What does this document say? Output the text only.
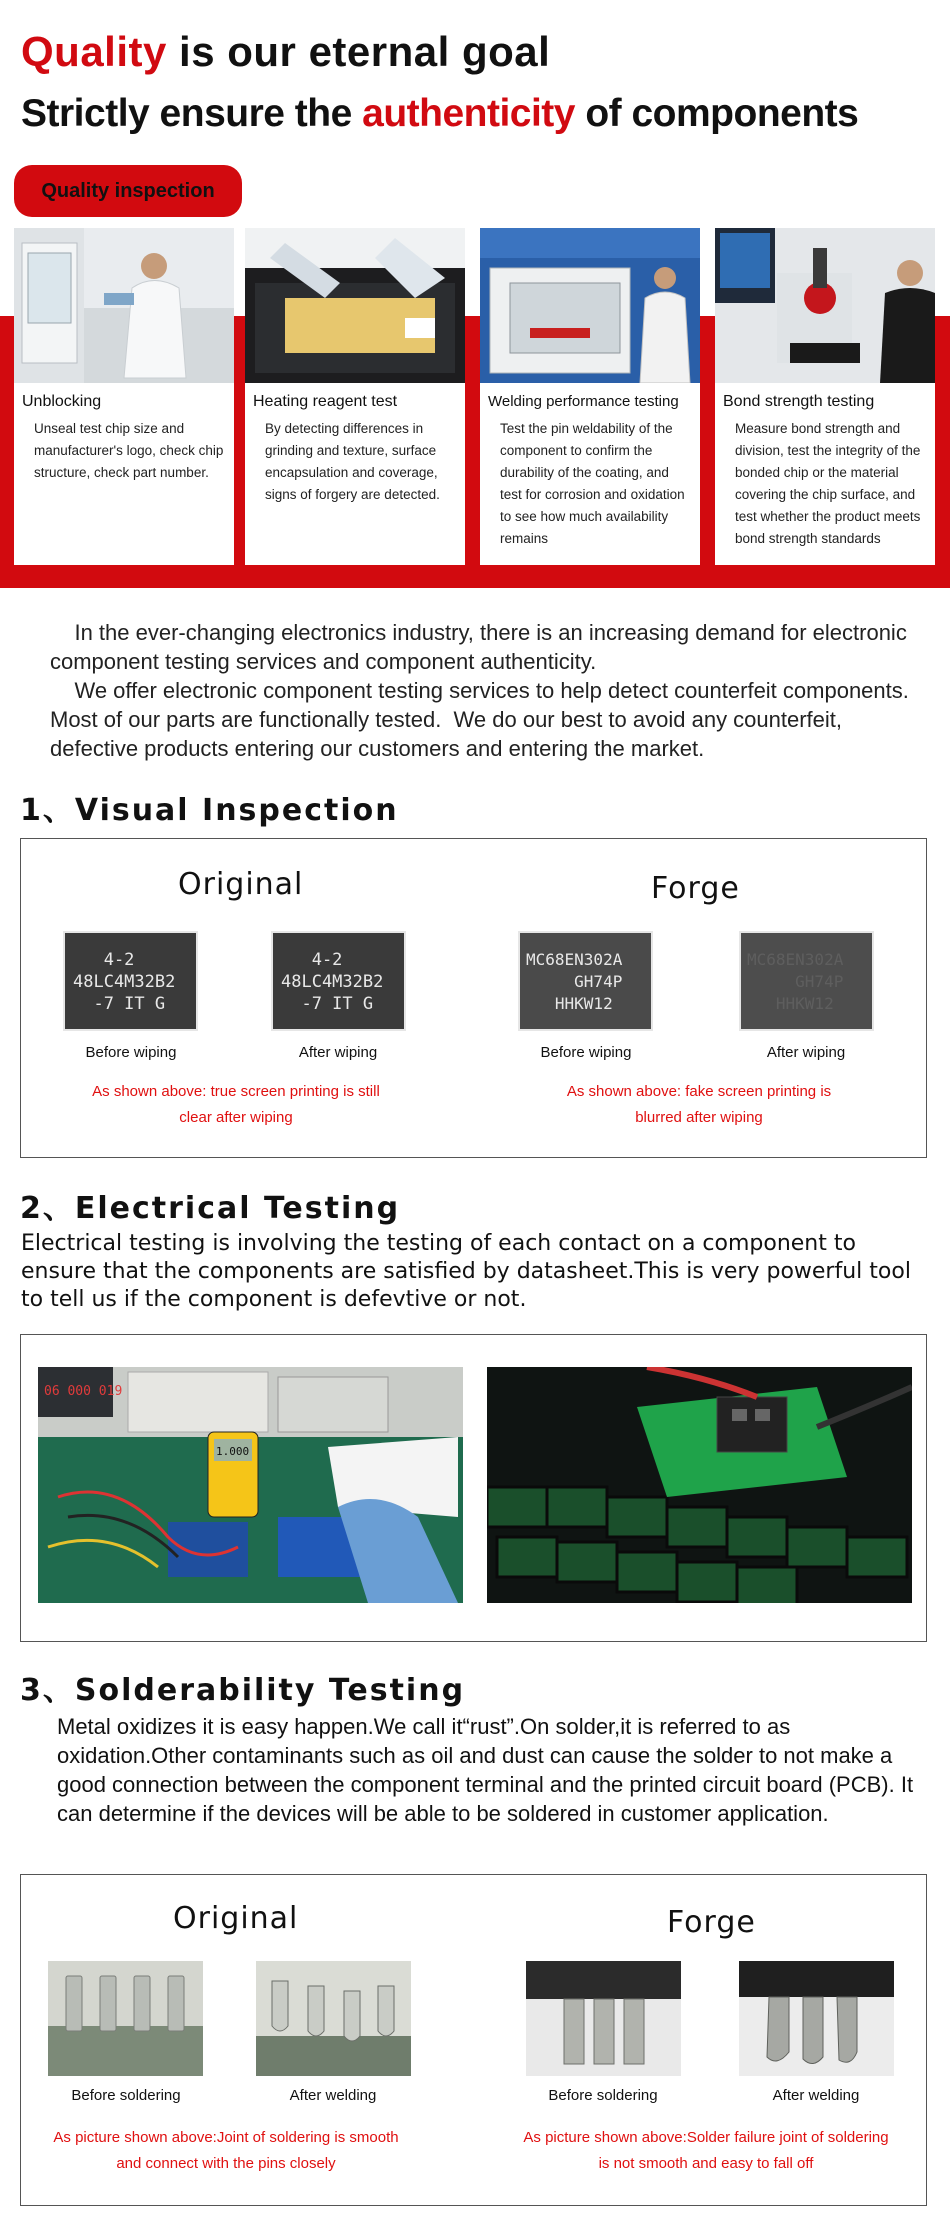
Quality is our eternal goal
Strictly ensure the authenticity of components
Quality inspection
Unblocking
Unseal test chip size and manufacturer's logo, check chip structure, check part number.
Heating reagent test
By detecting differences in grinding and texture, surface encapsulation and coverage, signs of forgery are detected.
Welding performance testing
Test the pin weldability of the component to confirm the durability of the coating, and test for corrosion and oxidation to see how much availability remains
Bond strength testing
Measure bond strength and division, test the integrity of the bonded chip or the material covering the chip surface, and test whether the product meets bond strength standards

In the ever-changing electronics industry, there is an increasing demand for electronic component testing services and component authenticity.

We offer electronic component testing services to help detect counterfeit components. Most of our parts are functionally tested.  We do our best to avoid any counterfeit, defective products entering our customers and entering the market.

1、Visual Inspection
Original	Forge
4-2
48LC4M32B2
-7 IT G
4-2
48LC4M32B2
-7 IT G
MC68EN302A
GH74P
HHKW12
MC68EN302A
GH74P
HHKW12
Before wiping	After wiping	Before wiping	After wiping
As shown above: true screen printing is still clear after wiping
As shown above: fake screen printing is blurred after wiping
2、Electrical Testing
Electrical testing is involving the testing of each contact on a component to ensure that the components are satisfied by datasheet.This is very powerful tool to tell us if the component is defevtive or not.
06 000 019
1.000
3、Solderability Testing
Metal oxidizes it is easy happen.We call it“rust”.On solder,it is referred to as oxidation.Other contaminants such as oil and dust can cause the solder to not make a good connection between the component terminal and the printed circuit board (PCB). It can determine if the devices will be able to be soldered in customer application.
Original	Forge
Before soldering	After welding	Before soldering	After welding
As picture shown above:Joint of soldering is smooth and connect with the pins closely
As picture shown above:Solder failure joint of soldering is not smooth and easy to fall off
